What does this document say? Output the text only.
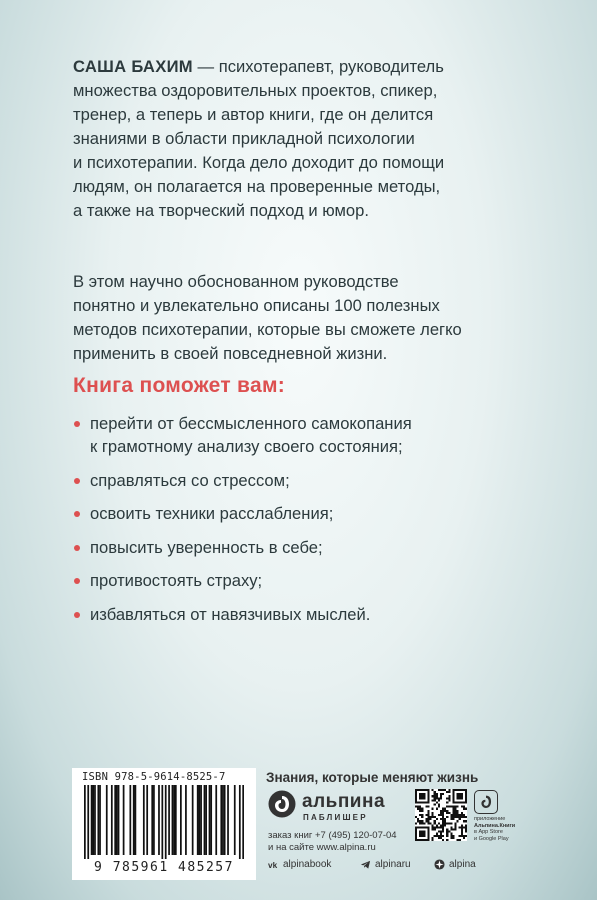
САША БАХИМ — психотерапевт, руководитель
множества оздоровительных проектов, спикер,
тренер, а теперь и автор книги, где он делится
знаниями в области прикладной психологии
и психотерапии. Когда дело доходит до помощи
людям, он полагается на проверенные методы,
а также на творческий подход и юмор.
В этом научно обоснованном руководстве
понятно и увлекательно описаны 100 полезных
методов психотерапии, которые вы сможете легко
применить в своей повседневной жизни.
Книга поможет вам:
перейти от бессмысленного самокопания
к грамотному анализу своего состояния;
справляться со стрессом;
освоить техники расслабления;
повысить уверенность в себе;
противостоять страху;
избавляться от навязчивых мыслей.
ISBN 978-5-9614-8525-7
9 785961 485257
Знания, которые меняют жизнь
альпина
ПАБЛИШЕР
заказ книг +7 (495) 120-07-04
и на сайте www.alpina.ru
приложение
Альпина.Книги
в App Store
и Google Play
vk alpinabook	alpinaru	alpina
